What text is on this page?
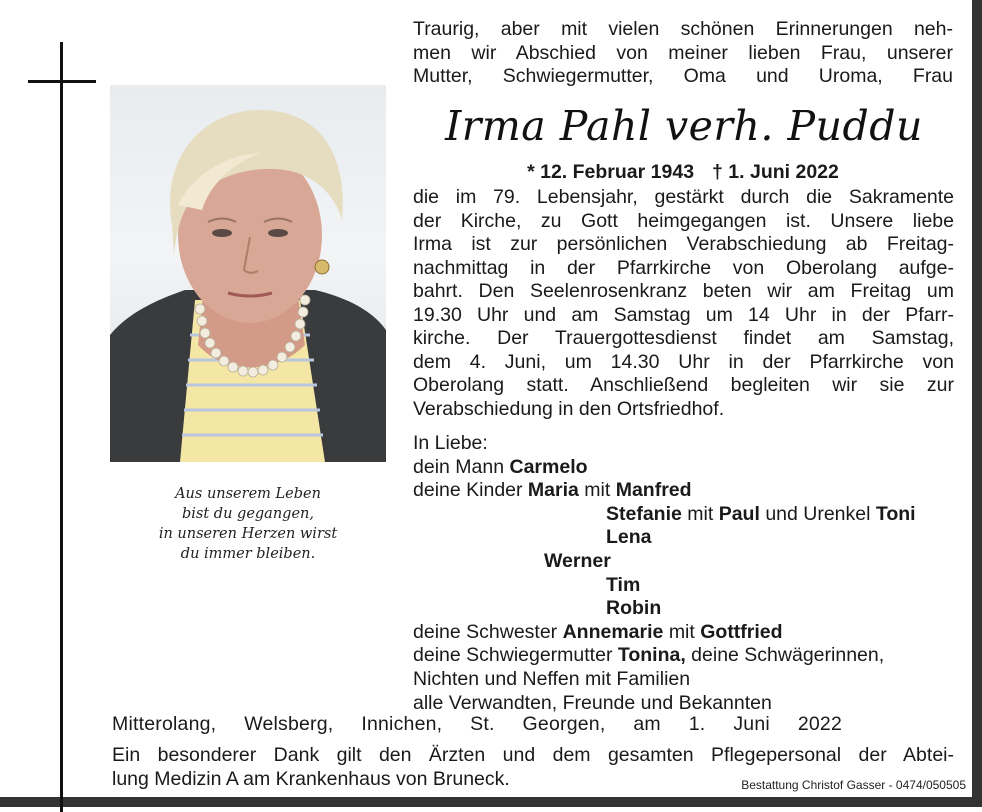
Aus unserem Leben
bist du gegangen,
in unseren Herzen wirst
du immer bleiben.
Traurig, aber mit vielen schönen Erinnerungen neh-
men wir Abschied von meiner lieben Frau, unserer
Mutter, Schwiegermutter, Oma und Uroma, Frau
Irma Pahl verh. Puddu
* 12. Februar 1943 † 1. Juni 2022
die im 79. Lebensjahr, gestärkt durch die Sakramente
der Kirche, zu Gott heimgegangen ist. Unsere liebe
Irma ist zur persönlichen Verabschiedung ab Freitag-
nachmittag in der Pfarrkirche von Oberolang aufge-
bahrt. Den Seelenrosenkranz beten wir am Freitag um
19.30 Uhr und am Samstag um 14 Uhr in der Pfarr-
kirche. Der Trauergottesdienst findet am Samstag,
dem 4. Juni, um 14.30 Uhr in der Pfarrkirche von
Oberolang statt. Anschließend begleiten wir sie zur
Verabschiedung in den Ortsfriedhof.
In Liebe:
dein Mann Carmelo
deine Kinder Maria mit Manfred
Stefanie mit Paul und Urenkel Toni
Lena
Werner
Tim
Robin
deine Schwester Annemarie mit Gottfried
deine Schwiegermutter Tonina, deine Schwägerinnen,
Nichten und Neffen mit Familien
alle Verwandten, Freunde und Bekannten
Mitterolang, Welsberg, Innichen, St. Georgen, am 1. Juni 2022
Ein besonderer Dank gilt den Ärzten und dem gesamten Pflegepersonal der Abtei-
lung Medizin A am Krankenhaus von Bruneck.	Bestattung Christof Gasser - 0474/050505
